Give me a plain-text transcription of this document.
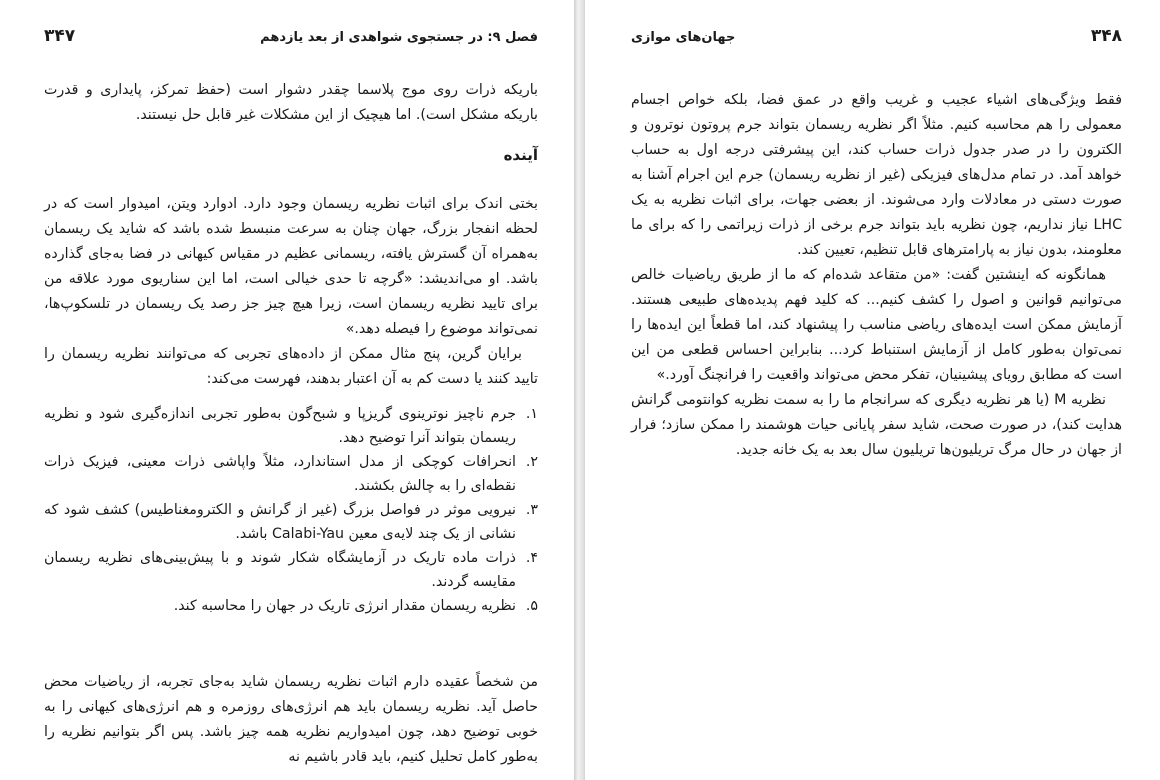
فصل ۹: در جستجوی شواهدی از بعد یازدهم
۳۴۷

باریکه ذرات روی موج پلاسما چقدر دشوار است (حفظ تمرکز، پایداری و قدرت باریکه مشکل است). اما هیچیک از این مشکلات غیر قابل حل نیستند.

آینده

بختی اندک برای اثبات نظریه ریسمان وجود دارد. ادوارد ویتن، امیدوار است که در لحظه انفجار بزرگ، جهان چنان به سرعت منبسط شده باشد که شاید یک ریسمان به‌همراه آن گسترش یافته، ریسمانی عظیم در مقیاس کیهانی در فضا به‌جای گذارده باشد. او می‌اندیشد: «گرچه تا حدی خیالی است، اما این سناریوی مورد علاقه من برای تایید نظریه ریسمان است، زیرا هیچ چیز جز رصد یک ریسمان در تلسکوپ‌ها، نمی‌تواند موضوع را فیصله دهد.»

برایان گرین، پنج مثال ممکن از داده‌های تجربی که می‌توانند نظریه ریسمان را تایید کنند یا دست کم به آن اعتبار بدهند، فهرست می‌کند:

۱.
جرم ناچیز نوترینوی گریزپا و شبح‌گون به‌طور تجربی اندازه‌گیری شود و نظریه ریسمان بتواند آنرا توضیح دهد.
۲.
انحرافات کوچکی از مدل استاندارد، مثلاً واپاشی ذرات معینی، فیزیک ذرات نقطه‌ای را به چالش بکشند.
۳.
نیرویی موثر در فواصل بزرگ (غیر از گرانش و الکترومغناطیس) کشف شود که نشانی از یک چند لایه‌ی معین Calabi-Yau باشد.
۴.
ذرات ماده تاریک در آزمایشگاه شکار شوند و با پیش‌بینی‌های نظریه ریسمان مقایسه گردند.
۵.
نظریه ریسمان مقدار انرژی تاریک در جهان را محاسبه کند.

من شخصاً عقیده دارم اثبات نظریه ریسمان شاید به‌جای تجربه، از ریاضیات محض حاصل آید. نظریه ریسمان باید هم انرژی‌های روزمره و هم انرژی‌های کیهانی را به خوبی توضیح دهد، چون امیدواریم نظریه همه چیز باشد. پس اگر بتوانیم نظریه را به‌طور کامل تحلیل کنیم، باید قادر باشیم نه

۳۴۸
جهان‌های موازی

فقط ویژگی‌های اشیاء عجیب و غریب واقع در عمق فضا، بلکه خواص اجسام معمولی را هم محاسبه کنیم. مثلاً اگر نظریه ریسمان بتواند جرم پروتون نوترون و الکترون را در صدر جدول ذرات حساب کند، این پیشرفتی درجه اول به حساب خواهد آمد. در تمام مدل‌های فیزیکی (غیر از نظریه ریسمان) جرم این اجرام آشنا به صورت دستی در معادلات وارد می‌شوند. از بعضی جهات، برای اثبات نظریه به یک LHC نیاز نداریم، چون نظریه باید بتواند جرم برخی از ذرات زیراتمی را که برای ما معلومند، بدون نیاز به پارامترهای قابل تنظیم، تعیین کند.

همانگونه که اینشتین گفت: «من متقاعد شده‌ام که ما از طریق ریاضیات خالص می‌توانیم قوانین و اصول را کشف کنیم... که کلید فهم پدیده‌های طبیعی هستند. آزمایش ممکن است ایده‌های ریاضی مناسب را پیشنهاد کند، اما قطعاً این ایده‌ها را نمی‌توان به‌طور کامل از آزمایش استنباط کرد... بنابراین احساس قطعی من این است که مطابق رویای پیشینیان، تفکر محض می‌تواند واقعیت را فرانچنگ آورد.»

نظریه M (یا هر نظریه دیگری که سرانجام ما را به سمت نظریه کوانتومی گرانش هدایت کند)، در صورت صحت، شاید سفر پایانی حیات هوشمند را ممکن سازد؛ فرار از جهان در حال مرگ تریلیون‌ها تریلیون سال بعد به یک خانه جدید.
